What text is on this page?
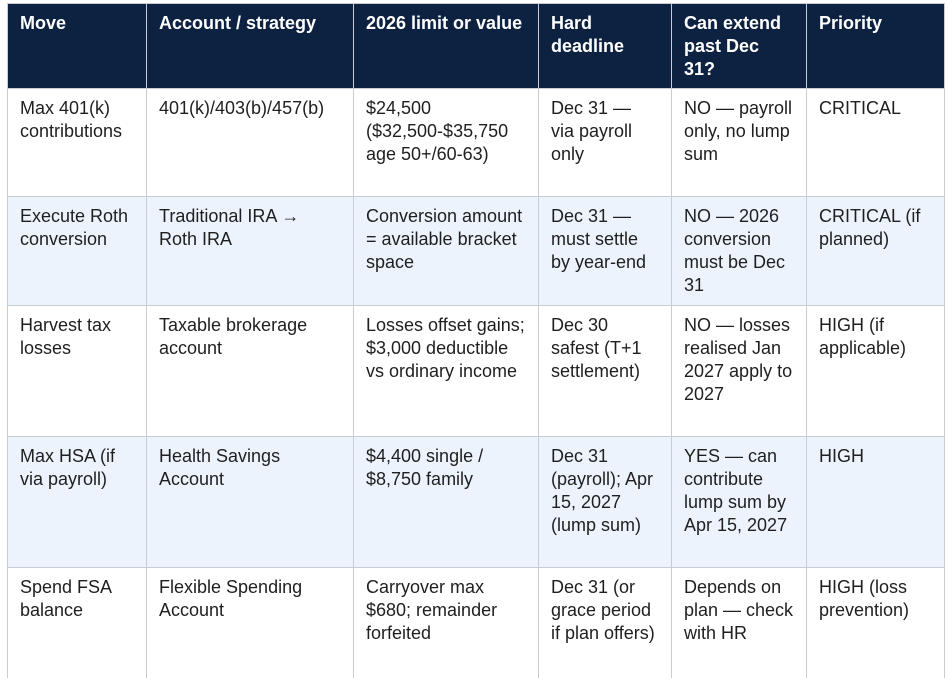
Move	Account / strategy	2026 limit or value	Hard deadline	Can extend past Dec 31?	Priority
Max 401(k) contributions	401(k)/403(b)/457(b)	$24,500 ($32,500-$35,750 age 50+/60-63)	Dec 31 — via payroll only	NO — payroll only, no lump sum	CRITICAL
Execute Roth conversion	Traditional IRA → Roth IRA	Conversion amount = available bracket space	Dec 31 — must settle by year-end	NO — 2026 conversion must be Dec 31	CRITICAL (if planned)
Harvest tax losses	Taxable brokerage account	Losses offset gains; $3,000 deductible vs ordinary income	Dec 30 safest (T+1 settlement)	NO — losses realised Jan 2027 apply to 2027	HIGH (if applicable)
Max HSA (if via payroll)	Health Savings Account	$4,400 single / $8,750 family	Dec 31 (payroll); Apr 15, 2027 (lump sum)	YES — can contribute lump sum by Apr 15, 2027	HIGH
Spend FSA balance	Flexible Spending Account	Carryover max $680; remainder forfeited	Dec 31 (or grace period if plan offers)	Depends on plan — check with HR	HIGH (loss prevention)
